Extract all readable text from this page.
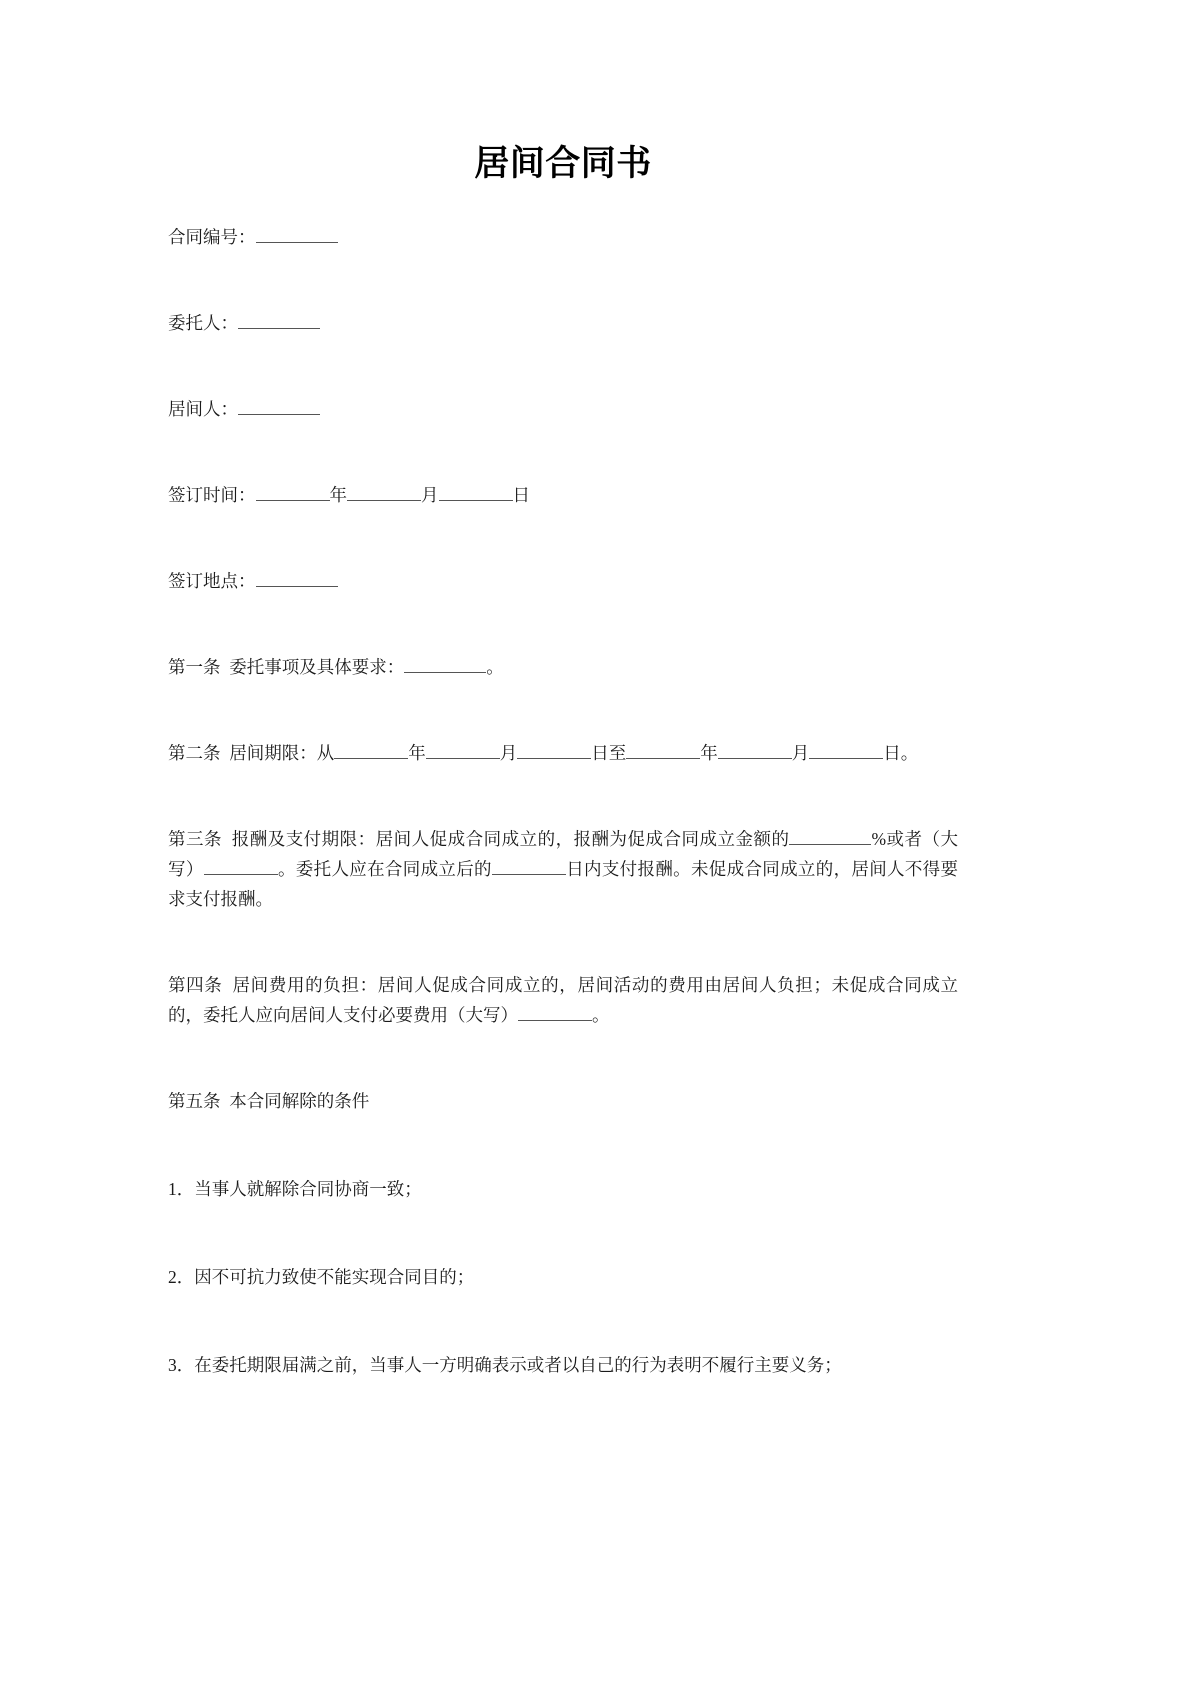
居间合同书

合同编号：

委托人：

居间人：

签订时间：	年	月	日

签订地点：

第一条 委托事项及具体要求：	。

第二条 居间期限：从	年	月	日至	年	月	日。

第三条 报酬及支付期限：居间人促成合同成立的，报酬为促成合同成立金额的	%或者（大写）	。委托人应在合同成立后的	日内支付报酬。未促成合同成立的，居间人不得要求支付报酬。

第四条 居间费用的负担：居间人促成合同成立的，居间活动的费用由居间人负担；未促成合同成立的，委托人应向居间人支付必要费用（大写）	。

第五条 本合同解除的条件

1．当事人就解除合同协商一致；

2．因不可抗力致使不能实现合同目的；

3．在委托期限届满之前，当事人一方明确表示或者以自己的行为表明不履行主要义务；
